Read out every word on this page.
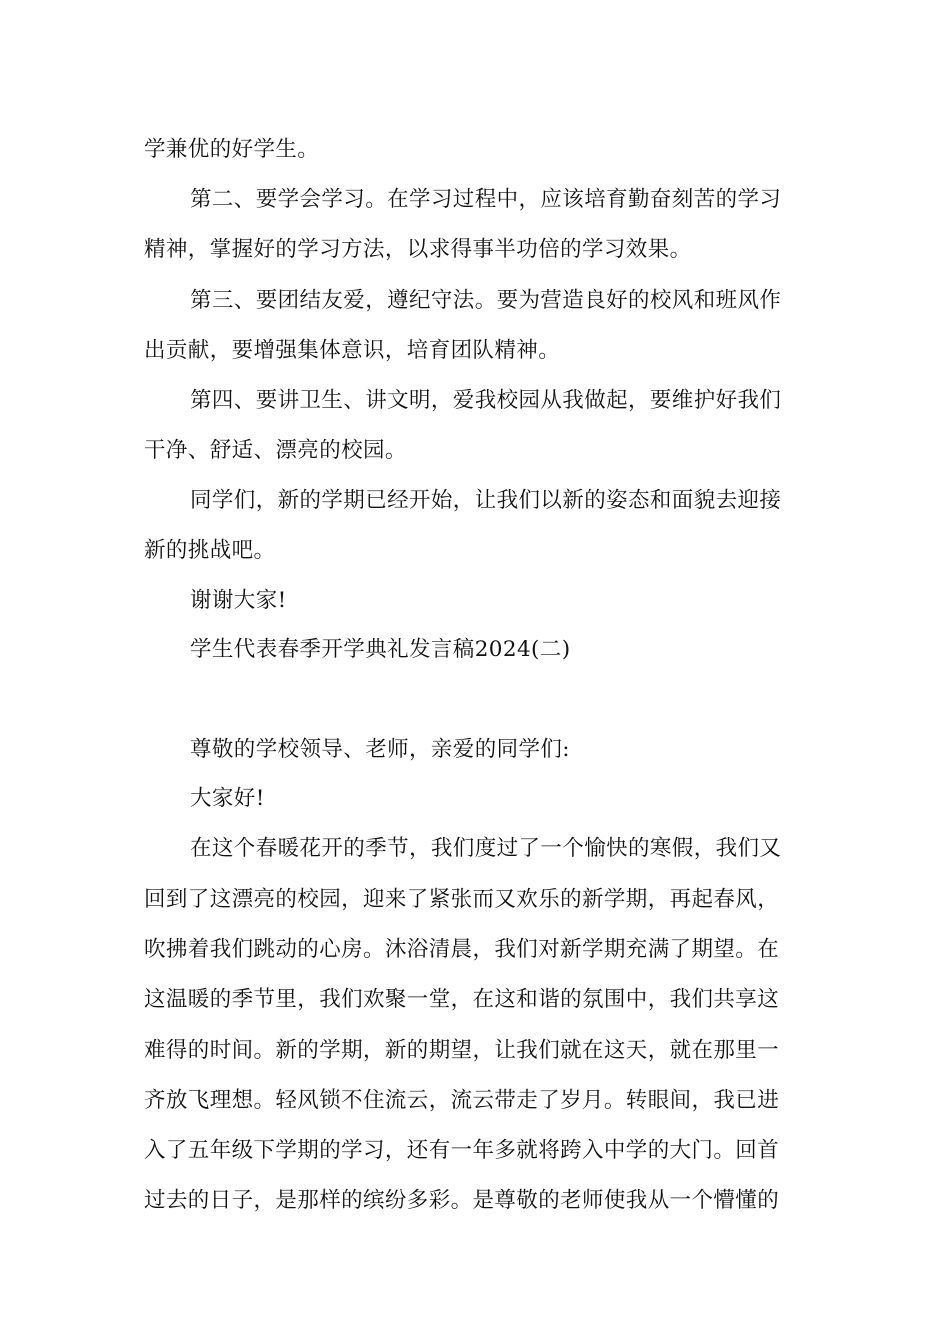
学兼优的好学生。
第二、要学会学习。在学习过程中，应该培育勤奋刻苦的学习
精神，掌握好的学习方法，以求得事半功倍的学习效果。
第三、要团结友爱，遵纪守法。要为营造良好的校风和班风作
出贡献，要增强集体意识，培育团队精神。
第四、要讲卫生、讲文明，爱我校园从我做起，要维护好我们
干净、舒适、漂亮的校园。
同学们，新的学期已经开始，让我们以新的姿态和面貌去迎接
新的挑战吧。
谢谢大家!
学生代表春季开学典礼发言稿2024(二)
尊敬的学校领导、老师，亲爱的同学们:
大家好!
在这个春暖花开的季节，我们度过了一个愉快的寒假，我们又
回到了这漂亮的校园，迎来了紧张而又欢乐的新学期，再起春风，
吹拂着我们跳动的心房。沐浴清晨，我们对新学期充满了期望。在
这温暖的季节里，我们欢聚一堂，在这和谐的氛围中，我们共享这
难得的时间。新的学期，新的期望，让我们就在这天，就在那里一
齐放飞理想。轻风锁不住流云，流云带走了岁月。转眼间，我已进
入了五年级下学期的学习，还有一年多就将跨入中学的大门。回首
过去的日子，是那样的缤纷多彩。是尊敬的老师使我从一个懵懂的
